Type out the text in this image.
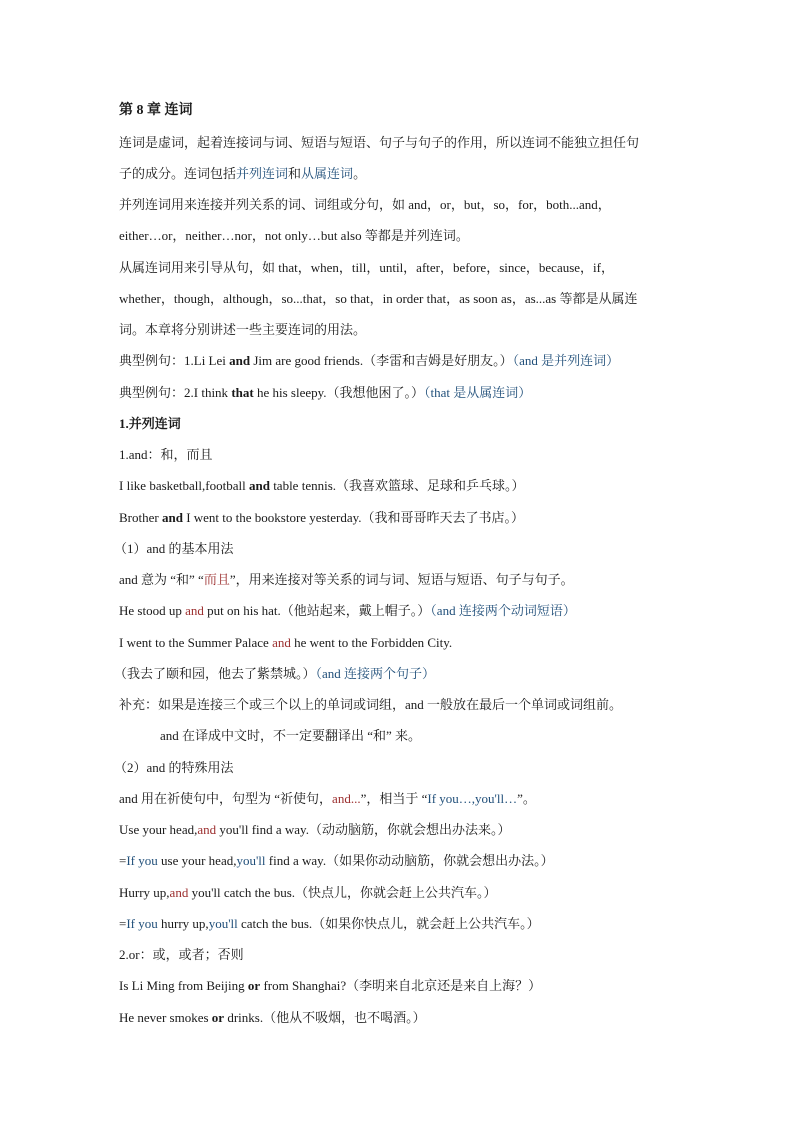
第 8 章 连词
连词是虚词，起着连接词与词、短语与短语、句子与句子的作用，所以连词不能独立担任句
子的成分。连词包括并列连词和从属连词。
并列连词用来连接并列关系的词、词组或分句，如 and，or，but，so，for，both...and，
either…or，neither…nor，not only…but also 等都是并列连词。
从属连词用来引导从句，如 that，when，till，until，after，before，since，because，if，
whether，though，although，so...that，so that，in order that，as soon as，as...as 等都是从属连
词。本章将分别讲述一些主要连词的用法。
典型例句：1.Li Lei and Jim are good friends.（李雷和吉姆是好朋友。）（and 是并列连词）
典型例句：2.I think that he his sleepy.（我想他困了。）（that 是从属连词）
1.并列连词
1.and：和，而且
I like basketball,football and table tennis.（我喜欢篮球、足球和乒乓球。）
Brother and I went to the bookstore yesterday.（我和哥哥昨天去了书店。）
（1）and 的基本用法
and 意为 “和” “而且”，用来连接对等关系的词与词、短语与短语、句子与句子。
He stood up and put on his hat.（他站起来，戴上帽子。）（and 连接两个动词短语）
I went to the Summer Palace and he went to the Forbidden City.
（我去了颐和园，他去了紫禁城。）（and 连接两个句子）
补充：如果是连接三个或三个以上的单词或词组，and 一般放在最后一个单词或词组前。
and 在译成中文时，不一定要翻译出 “和” 来。
（2）and 的特殊用法
and 用在祈使句中，句型为 “祈使句，and...”，相当于 “If you…,you'll…”。
Use your head,and you'll find a way.（动动脑筋，你就会想出办法来。）
=If you use your head,you'll find a way.（如果你动动脑筋，你就会想出办法。）
Hurry up,and you'll catch the bus.（快点儿，你就会赶上公共汽车。）
=If you hurry up,you'll catch the bus.（如果你快点儿，就会赶上公共汽车。）
2.or：或，或者；否则
Is Li Ming from Beijing or from Shanghai?（李明来自北京还是来自上海？）
He never smokes or drinks.（他从不吸烟，也不喝酒。）
